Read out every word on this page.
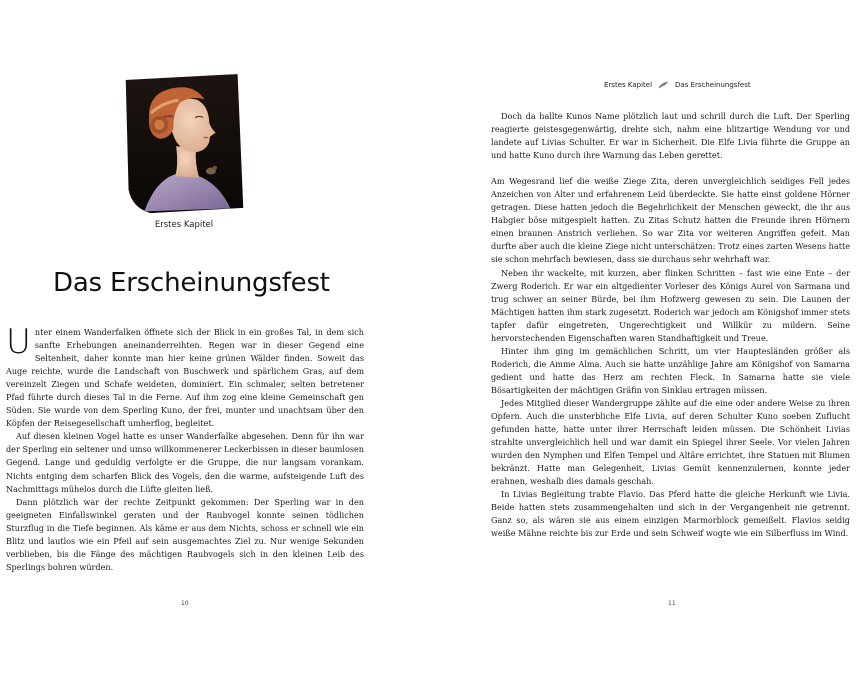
Erstes Kapitel
Das Erscheinungsfest

Unter einem Wanderfalken öffnete sich der Blick in ein großes Tal, in dem sich sanfte Erhebungen aneinanderreihten. Regen war in dieser Gegend eine Seltenheit, daher konnte man hier keine grünen Wälder finden. Soweit das Auge reichte, wurde die Landschaft von Buschwerk und spärlichem Gras, auf dem vereinzelt Ziegen und Schafe weideten, dominiert. Ein schmaler, selten betretener Pfad führte durch dieses Tal in die Ferne. Auf ihm zog eine kleine Gemeinschaft gen Süden. Sie wurde von dem Sperling Kuno, der frei, munter und unachtsam über den Köpfen der Reisegesellschaft umherflog, begleitet.

Auf diesen kleinen Vogel hatte es unser Wanderfalke abgesehen. Denn für ihn war der Sperling ein seltener und umso willkommenerer Leckerbissen in dieser baumlosen Gegend. Lange und geduldig verfolgte er die Gruppe, die nur langsam vorankam. Nichts entging dem scharfen Blick des Vogels, den die warme, aufsteigende Luft des Nachmittags mühelos durch die Lüfte gleiten ließ.

Dann plötzlich war der rechte Zeitpunkt gekommen: Der Sperling war in den geeigneten Einfallswinkel geraten und der Raubvogel konnte seinen tödlichen Sturzflug in die Tiefe beginnen. Als käme er aus dem Nichts, schoss er schnell wie ein Blitz und lautlos wie ein Pfeil auf sein ausgemachtes Ziel zu. Nur wenige Sekunden verblieben, bis die Fänge des mächtigen Raubvogels sich in den kleinen Leib des Sperlings bohren würden.

10
Erstes Kapitel	Das Erscheinungsfest

Doch da hallte Kunos Name plötzlich laut und schrill durch die Luft. Der Sperling reagierte geistesgegenwärtig, drehte sich, nahm eine blitzartige Wendung vor und landete auf Livias Schulter. Er war in Sicherheit. Die Elfe Livia führte die Gruppe an und hatte Kuno durch ihre Warnung das Leben gerettet.

Am Wegesrand lief die weiße Ziege Zita, deren unvergleichlich seidiges Fell jedes Anzeichen von Alter und erfahrenem Leid überdeckte. Sie hatte einst goldene Hörner getragen. Diese hatten jedoch die Begehrlichkeit der Menschen geweckt, die ihr aus Habgier böse mitgespielt hatten. Zu Zitas Schutz hatten die Freunde ihren Hörnern einen braunen Anstrich verliehen. So war Zita vor weiteren Angriffen gefeit. Man durfte aber auch die kleine Ziege nicht unterschätzen: Trotz eines zarten Wesens hatte sie schon mehrfach bewiesen, dass sie durchaus sehr wehrhaft war.

Neben ihr wackelte, mit kurzen, aber flinken Schritten – fast wie eine Ente – der Zwerg Roderich. Er war ein altgedienter Vorleser des Königs Aurel von Sarmana und trug schwer an seiner Bürde, bei ihm Hofzwerg gewesen zu sein. Die Launen der Mächtigen hatten ihm stark zugesetzt. Roderich war jedoch am Königshof immer stets tapfer dafür eingetreten, Ungerechtigkeit und Willkür zu mildern. Seine hervorstechenden Eigenschaften waren Standhaftigkeit und Treue.

Hinter ihm ging im gemächlichen Schritt, um vier Hauptesländen größer als Roderich, die Amme Alma. Auch sie hatte unzählige Jahre am Königshof von Samarna gedient und hatte das Herz am rechten Fleck. In Samarna hatte sie viele Bösartigkeiten der mächtigen Gräfin von Sinklau ertragen müssen.

Jedes Mitglied dieser Wandergruppe zählte auf die eine oder andere Weise zu ihren Opfern. Auch die unsterbliche Elfe Livia, auf deren Schulter Kuno soeben Zuflucht gefunden hatte, hatte unter ihrer Herrschaft leiden müssen. Die Schönheit Livias strahlte unvergleichlich hell und war damit ein Spiegel ihrer Seele. Vor vielen Jahren wurden den Nymphen und Elfen Tempel und Altäre errichtet, ihre Statuen mit Blumen bekränzt. Hatte man Gelegenheit, Livias Gemüt kennenzulernen, konnte jeder erahnen, weshalb dies damals geschah.

In Livias Begleitung trabte Flavio. Das Pferd hatte die gleiche Herkunft wie Livia. Beide hatten stets zusammengehalten und sich in der Vergangenheit nie getrennt. Ganz so, als wären sie aus einem einzigen Marmorblock gemeißelt. Flavios seidig weiße Mähne reichte bis zur Erde und sein Schweif wogte wie ein Silberfluss im Wind.

11
